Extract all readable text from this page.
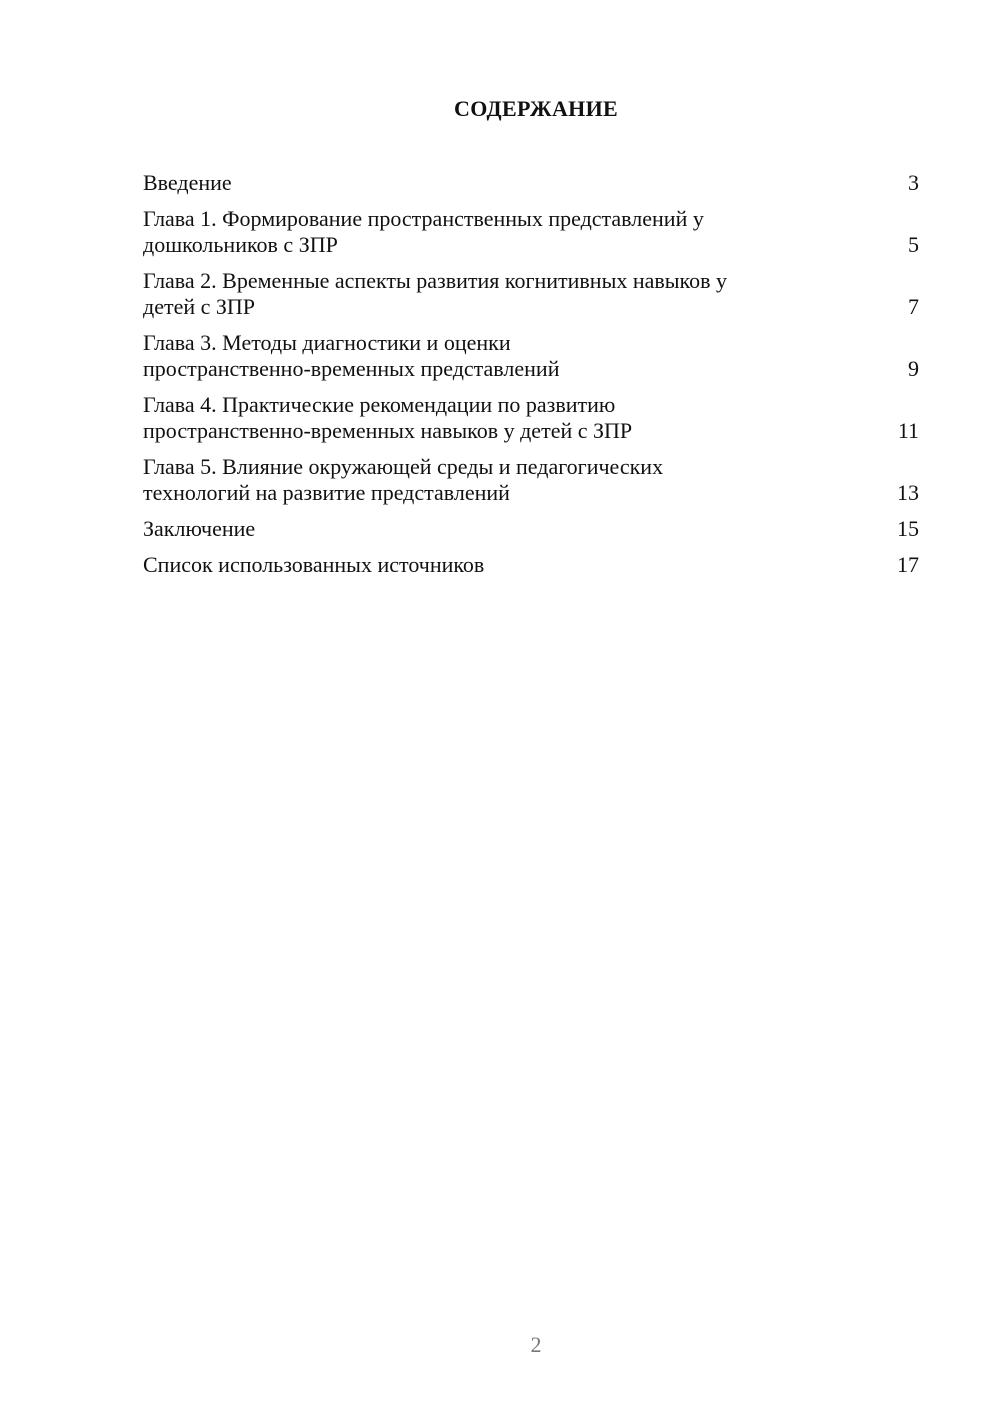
СОДЕРЖАНИЕ
Введение	3
Глава 1. Формирование пространственных представлений у
дошкольников с ЗПР	5
Глава 2. Временные аспекты развития когнитивных навыков у
детей с ЗПР	7
Глава 3. Методы диагностики и оценки
пространственно-временных представлений	9
Глава 4. Практические рекомендации по развитию
пространственно-временных навыков у детей с ЗПР	11
Глава 5. Влияние окружающей среды и педагогических
технологий на развитие представлений	13
Заключение	15
Список использованных источников	17
2
